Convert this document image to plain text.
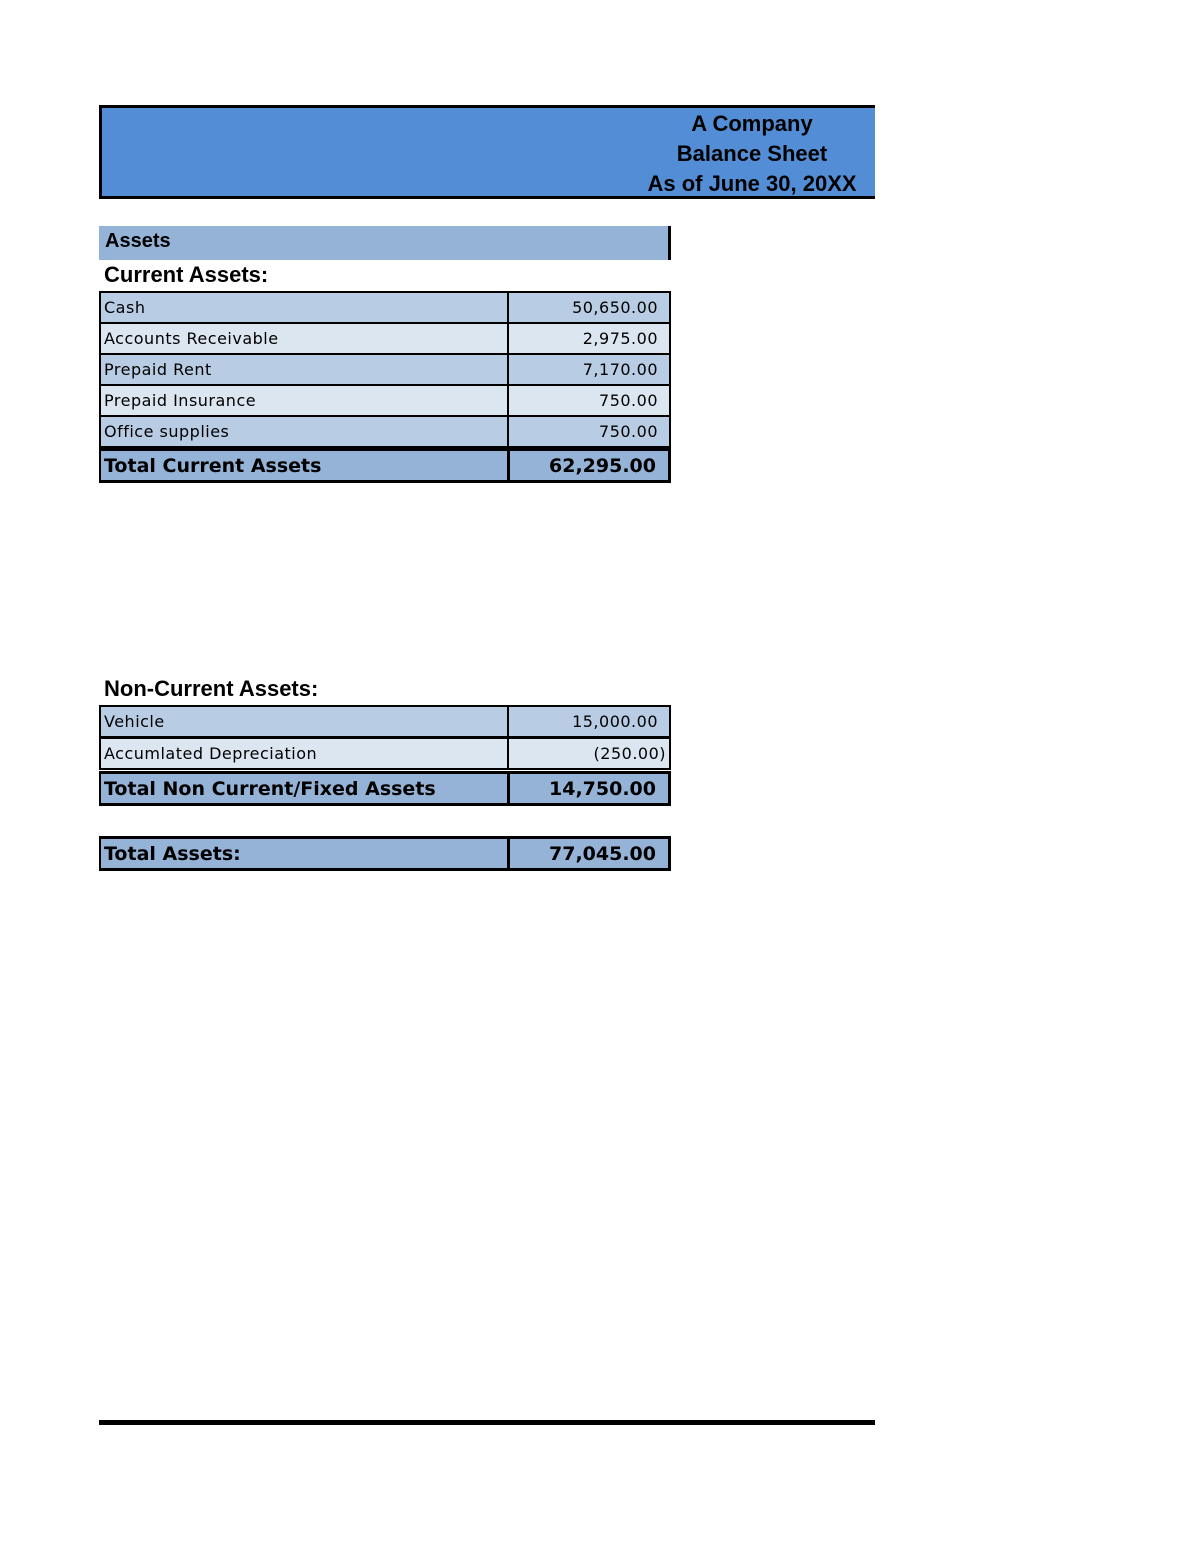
A Company
Balance Sheet
As of June 30, 20XX
Assets
Current Assets:
Cash	50,650.00
Accounts Receivable	2,975.00
Prepaid Rent	7,170.00
Prepaid Insurance	750.00
Office supplies	750.00
Total Current Assets	62,295.00
Non-Current Assets:
Vehicle	15,000.00
Accumlated Depreciation	(250.00)
Total Non Current/Fixed Assets	14,750.00
Total Assets:	77,045.00
